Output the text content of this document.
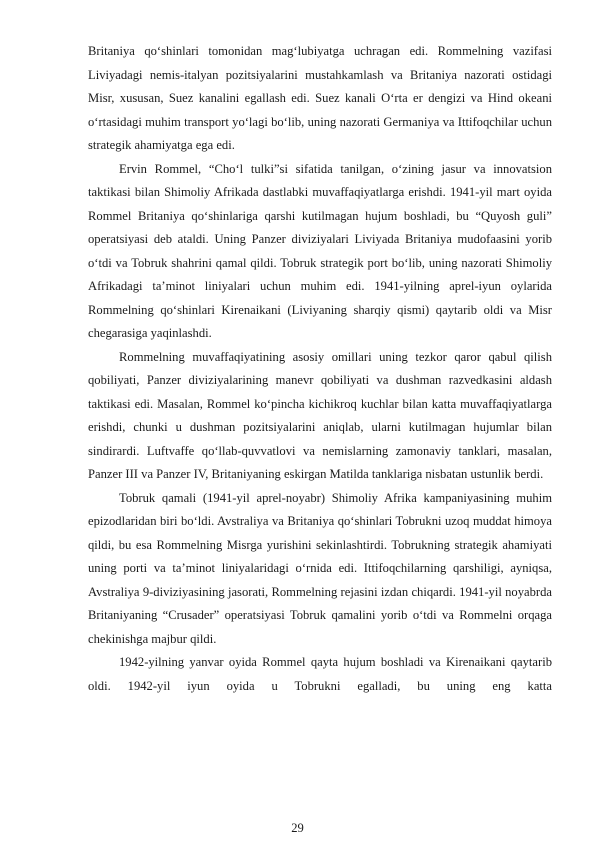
Britaniya qo‘shinlari tomonidan mag‘lubiyatga uchragan edi. Rommelning vazifasi Liviyadagi nemis-italyan pozitsiyalarini mustahkamlash va Britaniya nazorati ostidagi Misr, xususan, Suez kanalini egallash edi. Suez kanali O‘rta er dengizi va Hind okeani o‘rtasidagi muhim transport yo‘lagi bo‘lib, uning nazorati Germaniya va Ittifoqchilar uchun strategik ahamiyatga ega edi.

Ervin Rommel, “Cho‘l tulki”si sifatida tanilgan, o‘zining jasur va innovatsion taktikasi bilan Shimoliy Afrikada dastlabki muvaffaqiyatlarga erishdi. 1941-yil mart oyida Rommel Britaniya qo‘shinlariga qarshi kutilmagan hujum boshladi, bu “Quyosh guli” operatsiyasi deb ataldi. Uning Panzer diviziyalari Liviyada Britaniya mudofaasini yorib o‘tdi va Tobruk shahrini qamal qildi. Tobruk strategik port bo‘lib, uning nazorati Shimoliy Afrikadagi ta’minot liniyalari uchun muhim edi. 1941-yilning aprel-iyun oylarida Rommelning qo‘shinlari Kirenaikani (Liviyaning sharqiy qismi) qaytarib oldi va Misr chegarasiga yaqinlashdi.

Rommelning muvaffaqiyatining asosiy omillari uning tezkor qaror qabul qilish qobiliyati, Panzer diviziyalarining manevr qobiliyati va dushman razvedkasini aldash taktikasi edi. Masalan, Rommel ko‘pincha kichikroq kuchlar bilan katta muvaffaqiyatlarga erishdi, chunki u dushman pozitsiyalarini aniqlab, ularni kutilmagan hujumlar bilan sindirardi. Luftvaffe qo‘llab-quvvatlovi va nemislarning zamonaviy tanklari, masalan, Panzer III va Panzer IV, Britaniyaning eskirgan Matilda tanklariga nisbatan ustunlik berdi.

Tobruk qamali (1941-yil aprel-noyabr) Shimoliy Afrika kampaniyasining muhim epizodlaridan biri bo‘ldi. Avstraliya va Britaniya qo‘shinlari Tobrukni uzoq muddat himoya qildi, bu esa Rommelning Misrga yurishini sekinlashtirdi. Tobrukning strategik ahamiyati uning porti va ta’minot liniyalaridagi o‘rnida edi. Ittifoqchilarning qarshiligi, ayniqsa, Avstraliya 9-diviziyasining jasorati, Rommelning rejasini izdan chiqardi. 1941-yil noyabrda Britaniyaning “Crusader” operatsiyasi Tobruk qamalini yorib o‘tdi va Rommelni orqaga chekinishga majbur qildi.

1942-yilning yanvar oyida Rommel qayta hujum boshladi va Kirenaikani qaytarib oldi. 1942-yil iyun oyida u Tobrukni egalladi, bu uning eng katta

29
